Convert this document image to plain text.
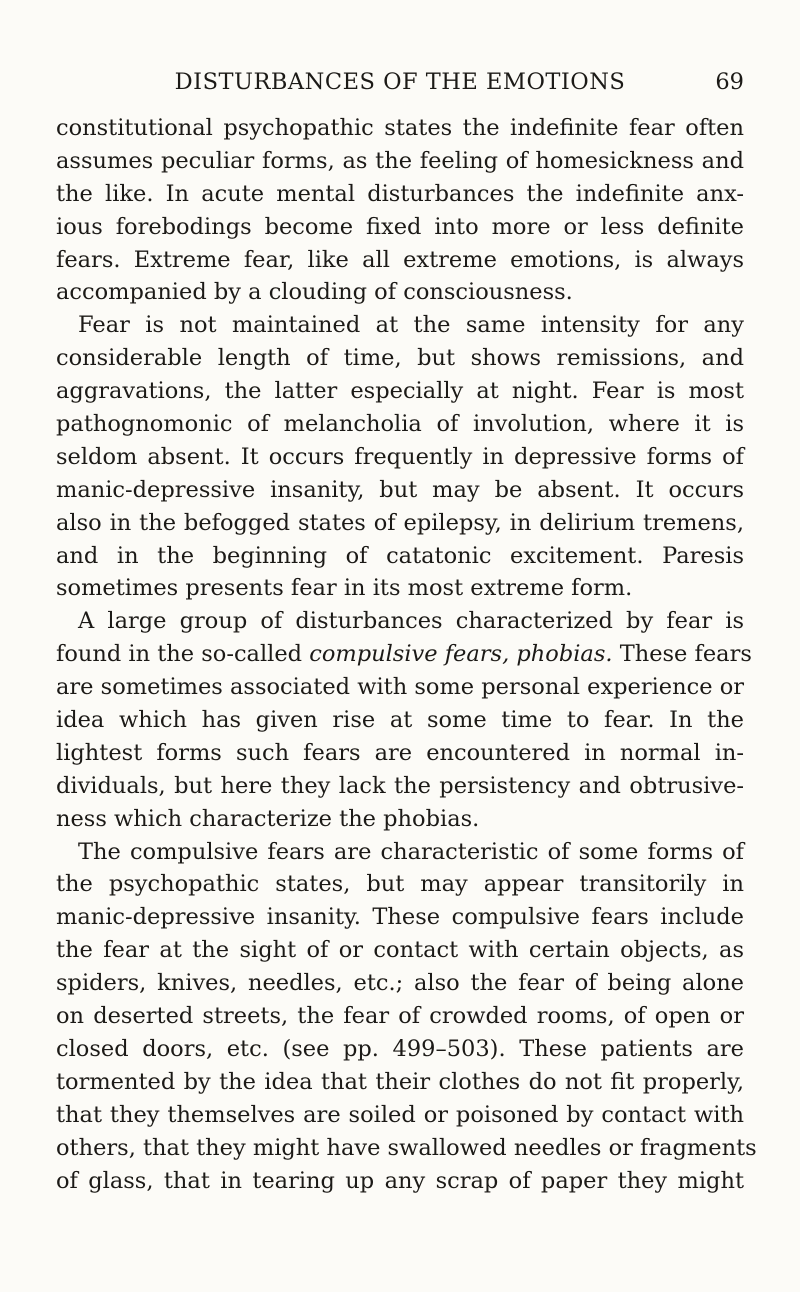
DISTURBANCES OF THE EMOTIONS	69
constitutional psychopathic states the indefinite fear often
assumes peculiar forms, as the feeling of homesickness and
the like. In acute mental disturbances the indefinite anx-
ious forebodings become fixed into more or less definite
fears. Extreme fear, like all extreme emotions, is always
accompanied by a clouding of consciousness.
Fear is not maintained at the same intensity for any
considerable length of time, but shows remissions, and
aggravations, the latter especially at night. Fear is most
pathognomonic of melancholia of involution, where it is
seldom absent. It occurs frequently in depressive forms of
manic-depressive insanity, but may be absent. It occurs
also in the befogged states of epilepsy, in delirium tremens,
and in the beginning of catatonic excitement. Paresis
sometimes presents fear in its most extreme form.
A large group of disturbances characterized by fear is
found in the so-called compulsive fears, phobias. These fears
are sometimes associated with some personal experience or
idea which has given rise at some time to fear. In the
lightest forms such fears are encountered in normal in-
dividuals, but here they lack the persistency and obtrusive-
ness which characterize the phobias.
The compulsive fears are characteristic of some forms of
the psychopathic states, but may appear transitorily in
manic-depressive insanity. These compulsive fears include
the fear at the sight of or contact with certain objects, as
spiders, knives, needles, etc.; also the fear of being alone
on deserted streets, the fear of crowded rooms, of open or
closed doors, etc. (see pp. 499–503). These patients are
tormented by the idea that their clothes do not fit properly,
that they themselves are soiled or poisoned by contact with
others, that they might have swallowed needles or fragments
of glass, that in tearing up any scrap of paper they might
